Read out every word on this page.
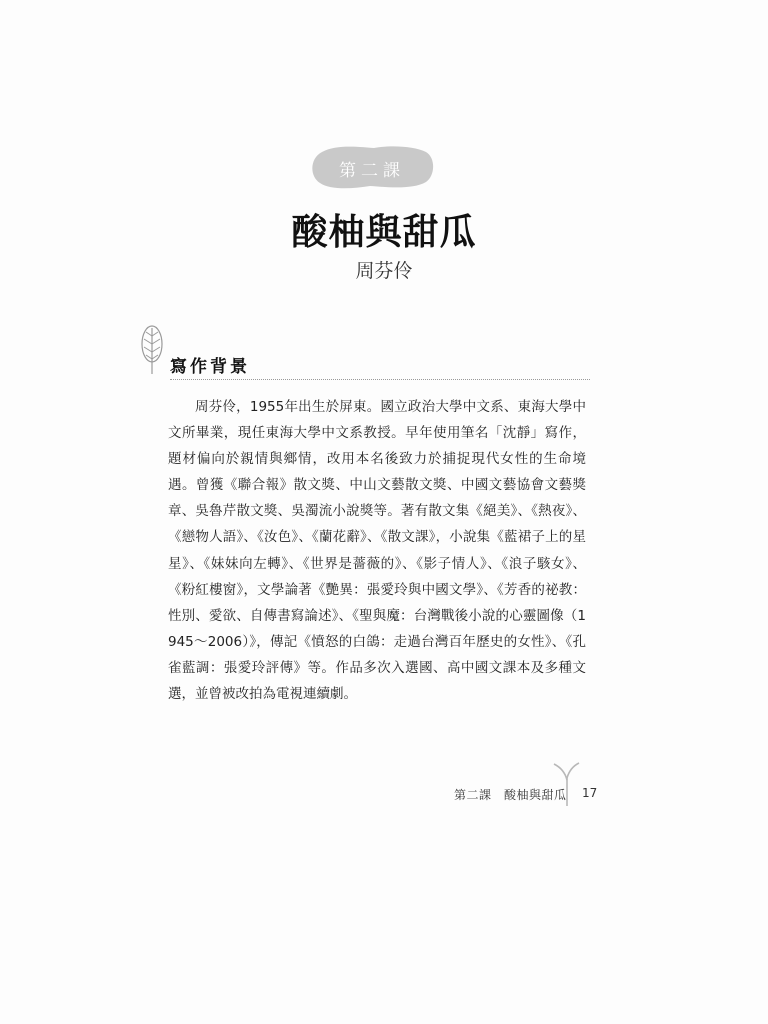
第二課
酸柚與甜瓜
周芬伶
寫作背景

周芬伶，1955年出生於屏東。國立政治大學中文系、東海大學中文所畢業，現任東海大學中文系教授。早年使用筆名「沈靜」寫作，題材偏向於親情與鄉情，改用本名後致力於捕捉現代女性的生命境遇。曾獲《聯合報》散文獎、中山文藝散文獎、中國文藝協會文藝獎章、吳魯芹散文獎、吳濁流小說獎等。著有散文集《絕美》、《熱夜》、《戀物人語》、《汝色》、《蘭花辭》、《散文課》，小說集《藍裙子上的星星》、《妹妹向左轉》、《世界是薔薇的》、《影子情人》、《浪子駭女》、《粉紅樓窗》，文學論著《艷異：張愛玲與中國文學》、《芳香的祕教：性別、愛欲、自傳書寫論述》、《聖與魔：台灣戰後小說的心靈圖像（1945～2006）》，傳記《憤怒的白鴿：走過台灣百年歷史的女性》、《孔雀藍調：張愛玲評傳》等。作品多次入選國、高中國文課本及多種文選，並曾被改拍為電視連續劇。

第二課　酸柚與甜瓜 17
